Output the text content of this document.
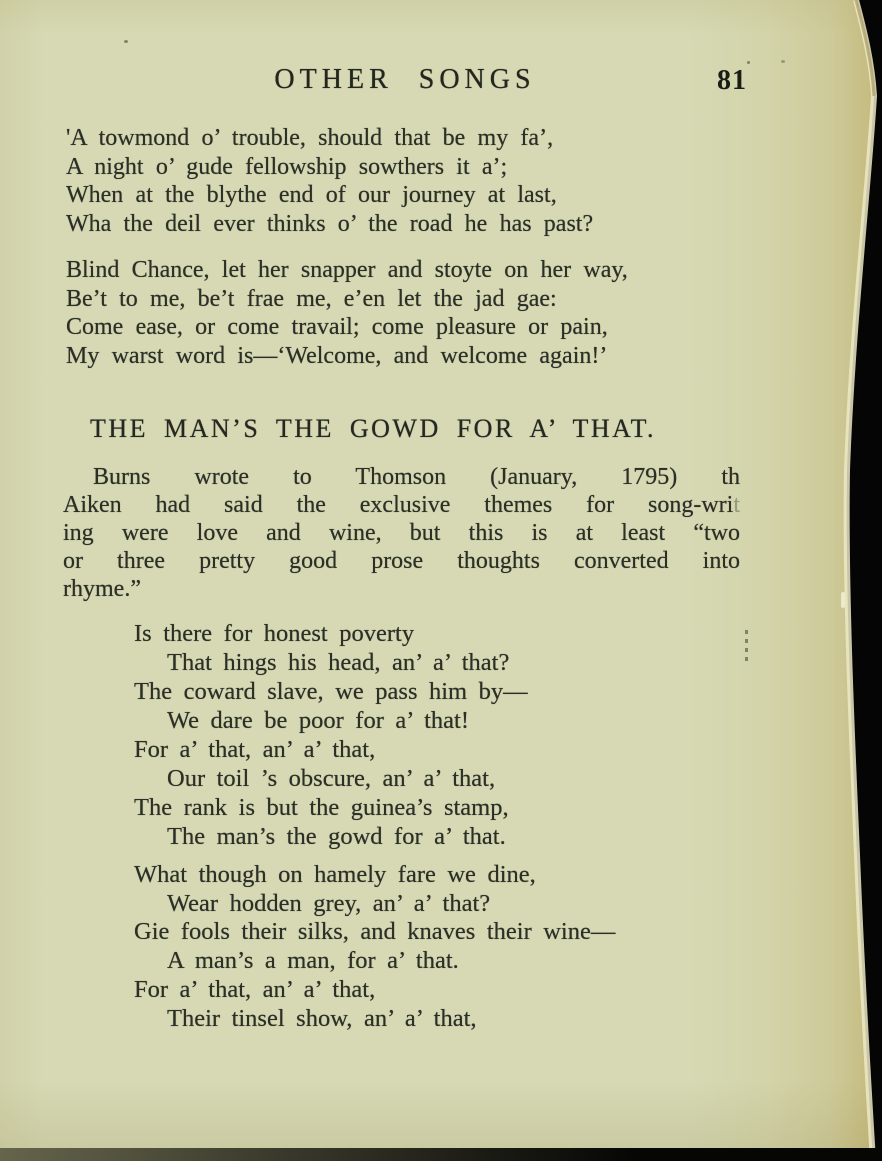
OTHER SONGS	81
'A towmond o’ trouble, should that be my fa’,
A night o’ gude fellowship sowthers it a’;
When at the blythe end of our journey at last,
Wha the deil ever thinks o’ the road he has past?
Blind Chance, let her snapper and stoyte on her way,
Be’t to me, be’t frae me, e’en let the jad gae:
Come ease, or come travail; come pleasure or pain,
My warst word is—‘Welcome, and welcome again!’
THE MAN’S THE GOWD FOR A’ THAT.
Burns wrote to Thomson (January, 1795) th
Aiken had said the exclusive themes for song-writ
ing were love and wine, but this is at least “two
or three pretty good prose thoughts converted into
rhyme.”
Is there for honest poverty
That hings his head, an’ a’ that?
The coward slave, we pass him by—
We dare be poor for a’ that!
For a’ that, an’ a’ that,
Our toil ’s obscure, an’ a’ that,
The rank is but the guinea’s stamp,
The man’s the gowd for a’ that.
What though on hamely fare we dine,
Wear hodden grey, an’ a’ that?
Gie fools their silks, and knaves their wine—
A man’s a man, for a’ that.
For a’ that, an’ a’ that,
Their tinsel show, an’ a’ that,
